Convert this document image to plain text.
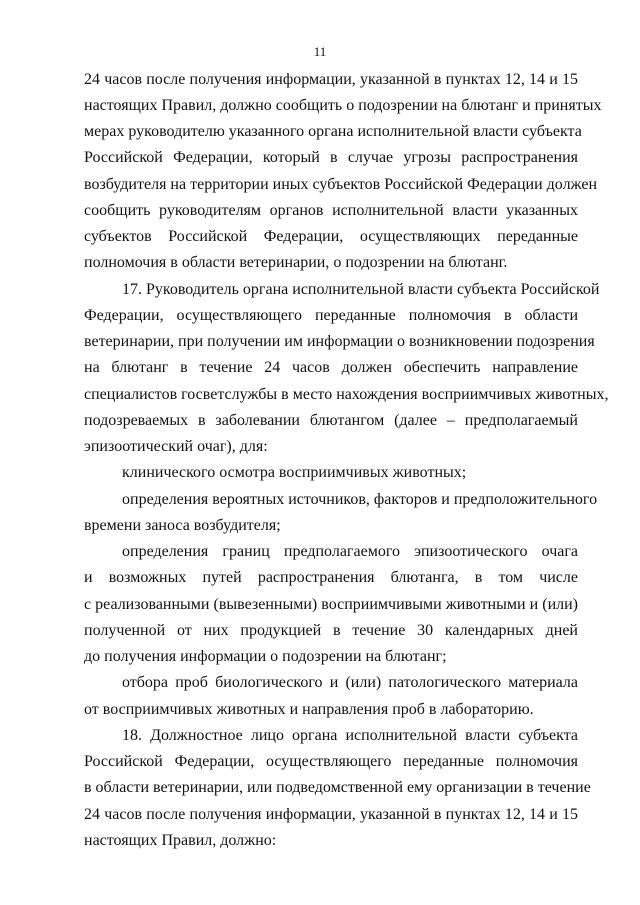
11
24 часов после получения информации, указанной в пунктах 12, 14 и 15
настоящих Правил, должно сообщить о подозрении на блютанг и принятых
мерах руководителю указанного органа исполнительной власти субъекта
Российской Федерации, который в случае угрозы распространения
возбудителя на территории иных субъектов Российской Федерации должен
сообщить руководителям органов исполнительной власти указанных
субъектов Российской Федерации, осуществляющих переданные
полномочия в области ветеринарии, о подозрении на блютанг.
17. Руководитель органа исполнительной власти субъекта Российской
Федерации, осуществляющего переданные полномочия в области
ветеринарии, при получении им информации о возникновении подозрения
на блютанг в течение 24 часов должен обеспечить направление
специалистов госветслужбы в место нахождения восприимчивых животных,
подозреваемых в заболевании блютангом (далее – предполагаемый
эпизоотический очаг), для:
клинического осмотра восприимчивых животных;
определения вероятных источников, факторов и предположительного
времени заноса возбудителя;
определения границ предполагаемого эпизоотического очага
и возможных путей распространения блютанга, в том числе
с реализованными (вывезенными) восприимчивыми животными и (или)
полученной от них продукцией в течение 30 календарных дней
до получения информации о подозрении на блютанг;
отбора проб биологического и (или) патологического материала
от восприимчивых животных и направления проб в лабораторию.
18. Должностное лицо органа исполнительной власти субъекта
Российской Федерации, осуществляющего переданные полномочия
в области ветеринарии, или подведомственной ему организации в течение
24 часов после получения информации, указанной в пунктах 12, 14 и 15
настоящих Правил, должно:
